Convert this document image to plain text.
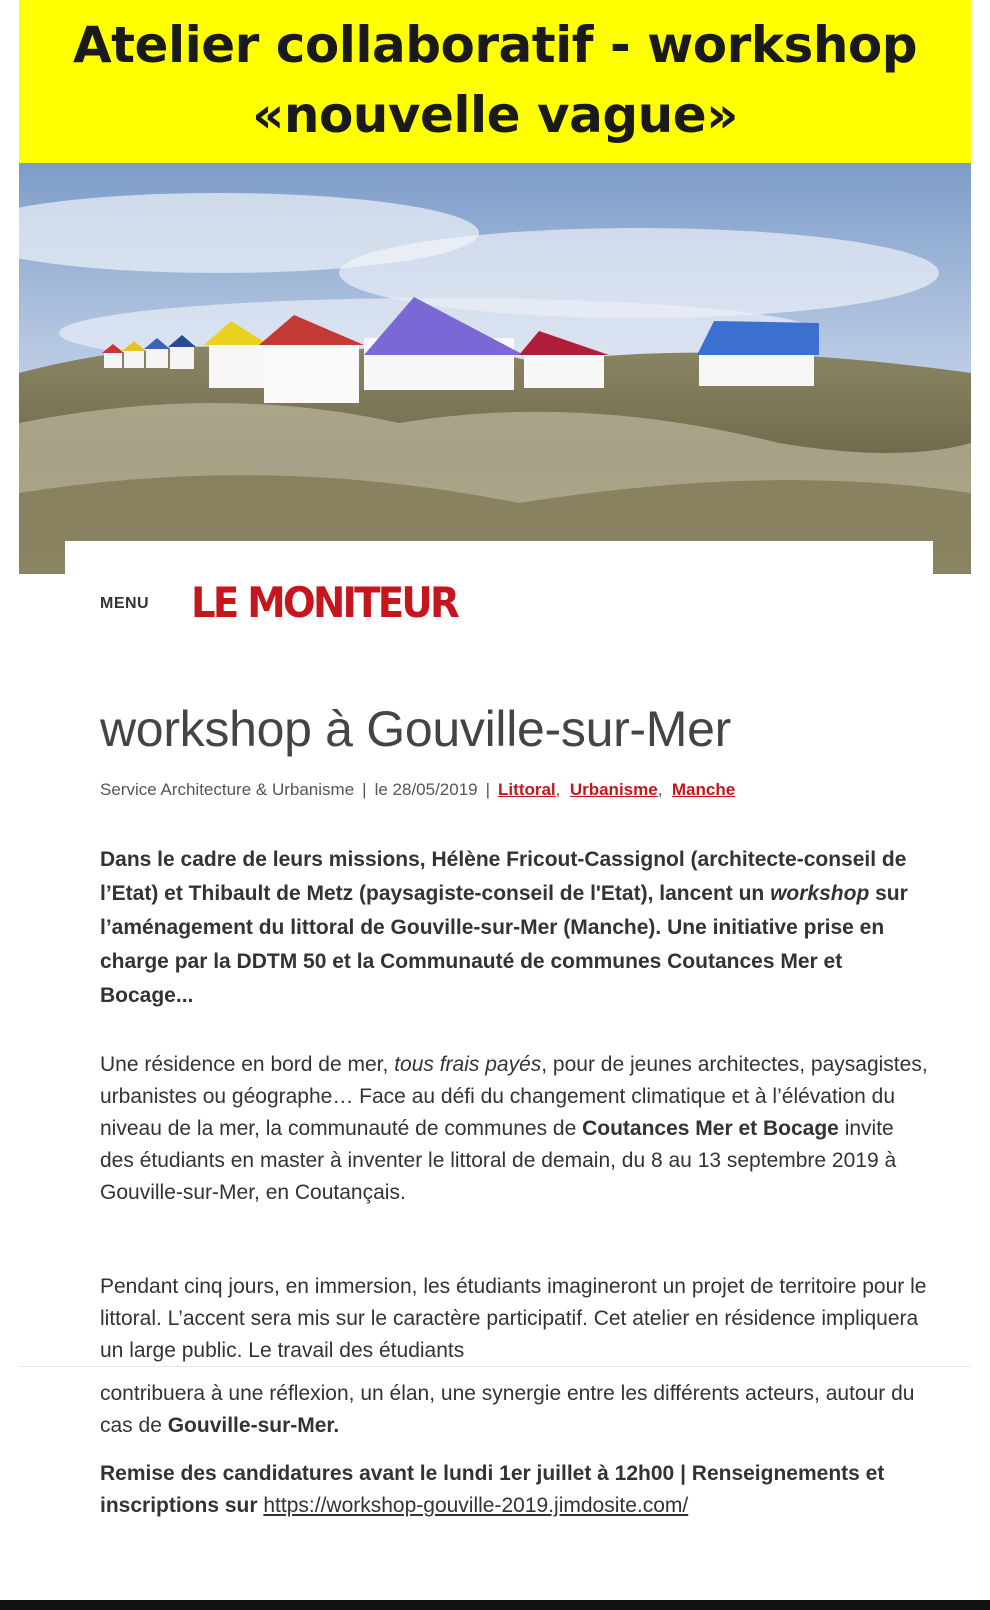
Atelier collaboratif - workshop
«nouvelle vague»
MENU LE MONITEUR
workshop à Gouville-sur-Mer
Service Architecture & Urbanisme | le 28/05/2019 | Littoral,  Urbanisme,  Manche

Dans le cadre de leurs missions, Hélène Fricout-Cassignol (architecte-conseil de l’Etat) et Thibault de Metz (paysagiste-conseil de l'Etat), lancent un workshop sur l’aménagement du littoral de Gouville-sur-Mer (Manche). Une initiative prise en charge par la DDTM 50 et la Communauté de communes Coutances Mer et Bocage...

Une résidence en bord de mer, tous frais payés, pour de jeunes architectes, paysagistes, urbanistes ou géographe… Face au défi du changement climatique et à l’élévation du niveau de la mer, la communauté de communes de Coutances Mer et Bocage invite des étudiants en master à inventer le littoral de demain, du 8 au 13 septembre 2019 à Gouville-sur-Mer, en Coutançais.

Pendant cinq jours, en immersion, les étudiants imagineront un projet de territoire pour le littoral. L’accent sera mis sur le caractère participatif. Cet atelier en résidence impliquera un large public. Le travail des étudiants

contribuera à une réflexion, un élan, une synergie entre les différents acteurs, autour du cas de Gouville-sur-Mer.

Remise des candidatures avant le lundi 1er juillet à 12h00 | Renseignements et inscriptions sur https://workshop-gouville-2019.jimdosite.com/
